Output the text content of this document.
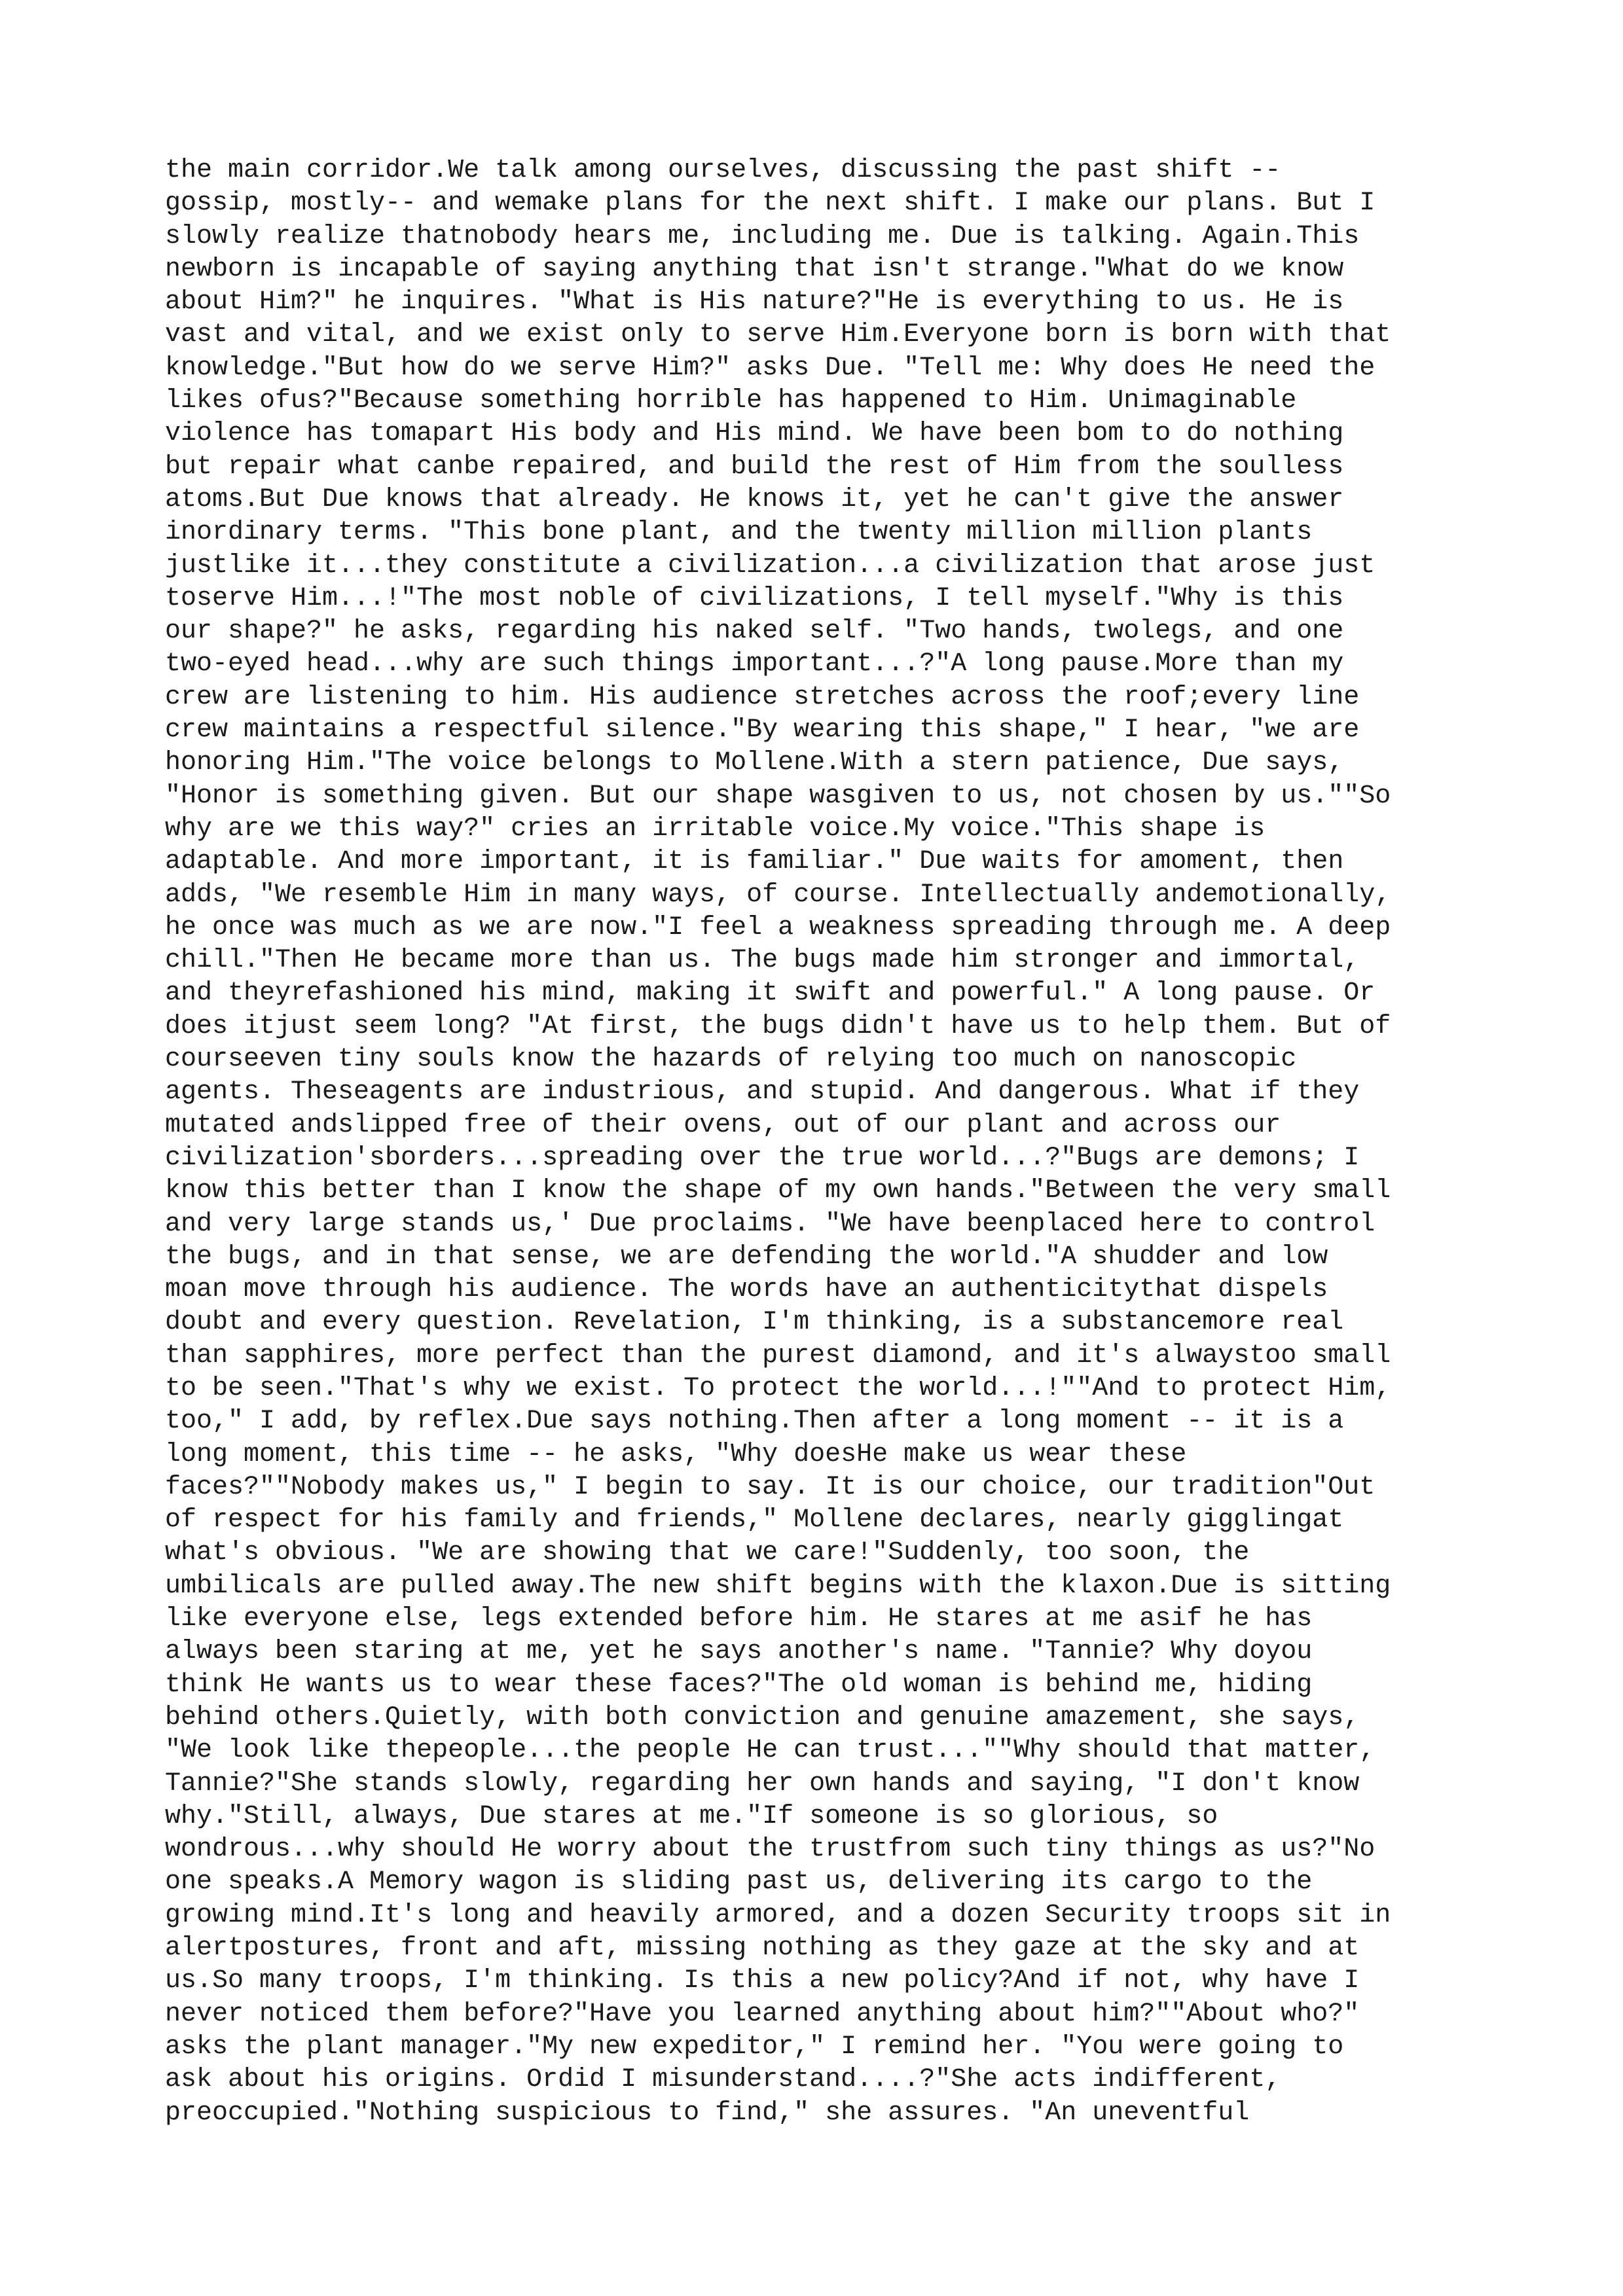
the main corridor.We talk among ourselves, discussing the past shift --
gossip, mostly-- and wemake plans for the next shift. I make our plans. But I
slowly realize thatnobody hears me, including me. Due is talking. Again.This
newborn is incapable of saying anything that isn't strange."What do we know
about Him?" he inquires. "What is His nature?"He is everything to us. He is
vast and vital, and we exist only to serve Him.Everyone born is born with that
knowledge."But how do we serve Him?" asks Due. "Tell me: Why does He need the
likes ofus?"Because something horrible has happened to Him. Unimaginable
violence has tomapart His body and His mind. We have been bom to do nothing
but repair what canbe repaired, and build the rest of Him from the soulless
atoms.But Due knows that already. He knows it, yet he can't give the answer
inordinary terms. "This bone plant, and the twenty million million plants
justlike it...they constitute a civilization...a civilization that arose just
toserve Him...!"The most noble of civilizations, I tell myself."Why is this
our shape?" he asks, regarding his naked self. "Two hands, twolegs, and one
two-eyed head...why are such things important...?"A long pause.More than my
crew are listening to him. His audience stretches across the roof;every line
crew maintains a respectful silence."By wearing this shape," I hear, "we are
honoring Him."The voice belongs to Mollene.With a stern patience, Due says,
"Honor is something given. But our shape wasgiven to us, not chosen by us.""So
why are we this way?" cries an irritable voice.My voice."This shape is
adaptable. And more important, it is familiar." Due waits for amoment, then
adds, "We resemble Him in many ways, of course. Intellectually andemotionally,
he once was much as we are now."I feel a weakness spreading through me. A deep
chill."Then He became more than us. The bugs made him stronger and immortal,
and theyrefashioned his mind, making it swift and powerful." A long pause. Or
does itjust seem long? "At first, the bugs didn't have us to help them. But of
courseeven tiny souls know the hazards of relying too much on nanoscopic
agents. Theseagents are industrious, and stupid. And dangerous. What if they
mutated andslipped free of their ovens, out of our plant and across our
civilization'sborders...spreading over the true world...?"Bugs are demons; I
know this better than I know the shape of my own hands."Between the very small
and very large stands us,' Due proclaims. "We have beenplaced here to control
the bugs, and in that sense, we are defending the world."A shudder and low
moan move through his audience. The words have an authenticitythat dispels
doubt and every question. Revelation, I'm thinking, is a substancemore real
than sapphires, more perfect than the purest diamond, and it's alwaystoo small
to be seen."That's why we exist. To protect the world...!""And to protect Him,
too," I add, by reflex.Due says nothing.Then after a long moment -- it is a
long moment, this time -- he asks, "Why doesHe make us wear these
faces?""Nobody makes us," I begin to say. It is our choice, our tradition"Out
of respect for his family and friends," Mollene declares, nearly gigglingat
what's obvious. "We are showing that we care!"Suddenly, too soon, the
umbilicals are pulled away.The new shift begins with the klaxon.Due is sitting
like everyone else, legs extended before him. He stares at me asif he has
always been staring at me, yet he says another's name. "Tannie? Why doyou
think He wants us to wear these faces?"The old woman is behind me, hiding
behind others.Quietly, with both conviction and genuine amazement, she says,
"We look like thepeople...the people He can trust...""Why should that matter,
Tannie?"She stands slowly, regarding her own hands and saying, "I don't know
why."Still, always, Due stares at me."If someone is so glorious, so
wondrous...why should He worry about the trustfrom such tiny things as us?"No
one speaks.A Memory wagon is sliding past us, delivering its cargo to the
growing mind.It's long and heavily armored, and a dozen Security troops sit in
alertpostures, front and aft, missing nothing as they gaze at the sky and at
us.So many troops, I'm thinking. Is this a new policy?And if not, why have I
never noticed them before?"Have you learned anything about him?""About who?"
asks the plant manager."My new expeditor," I remind her. "You were going to
ask about his origins. Ordid I misunderstand....?"She acts indifferent,
preoccupied."Nothing suspicious to find," she assures. "An uneventful
